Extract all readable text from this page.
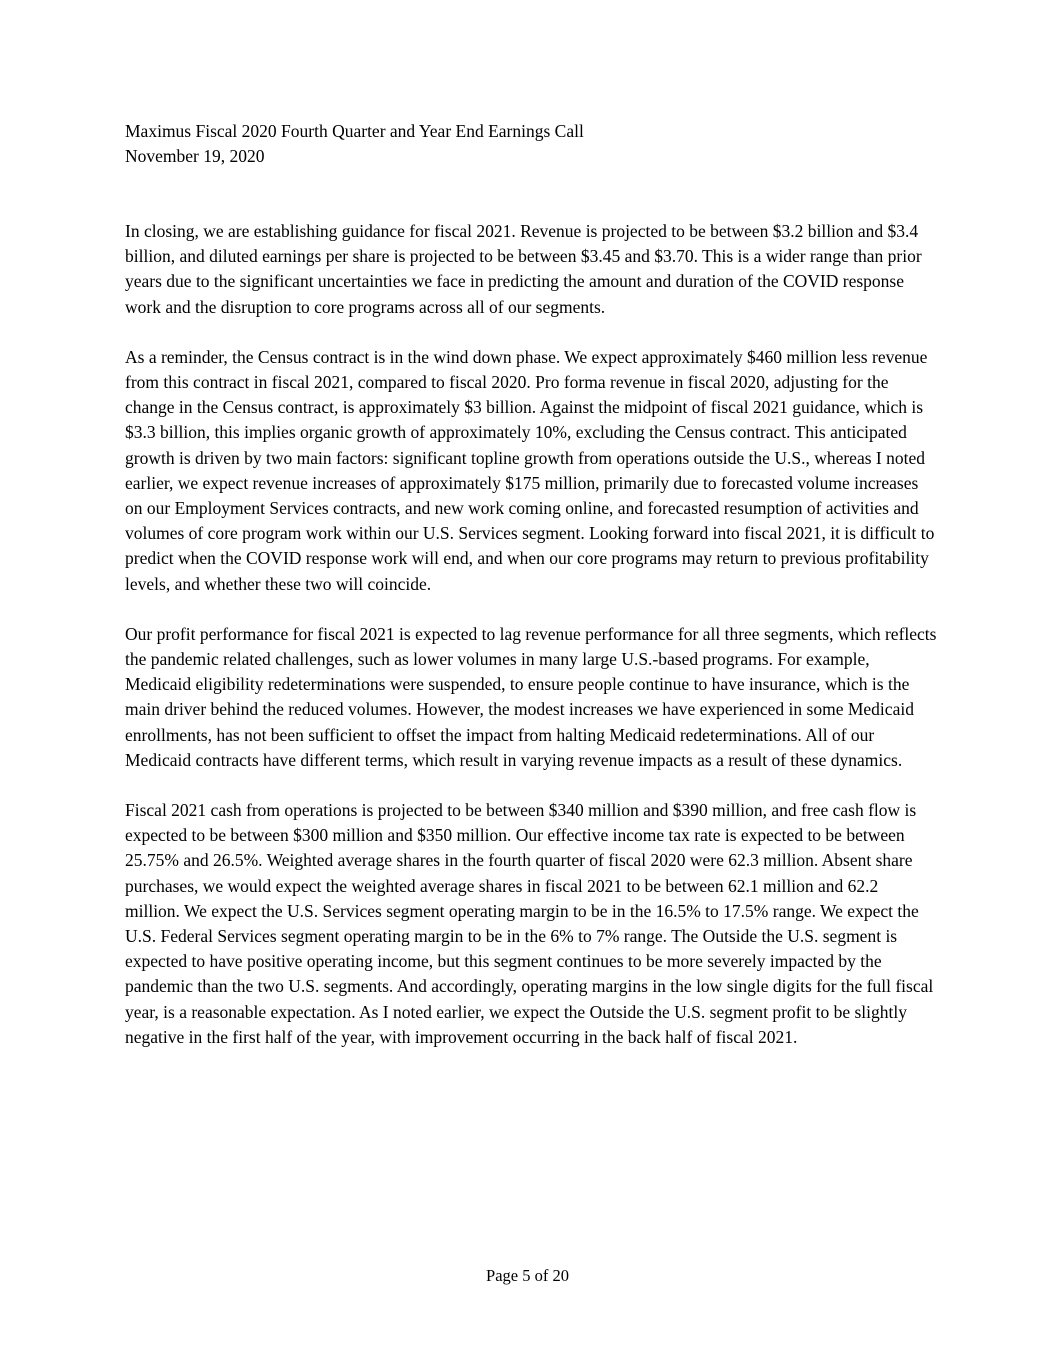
Maximus Fiscal 2020 Fourth Quarter and Year End Earnings Call
November 19, 2020

In closing, we are establishing guidance for fiscal 2021. Revenue is projected to be between $3.2 billion and $3.4 billion, and diluted earnings per share is projected to be between $3.45 and $3.70. This is a wider range than prior years due to the significant uncertainties we face in predicting the amount and duration of the COVID response work and the disruption to core programs across all of our segments.

As a reminder, the Census contract is in the wind down phase. We expect approximately $460 million less revenue from this contract in fiscal 2021, compared to fiscal 2020. Pro forma revenue in fiscal 2020, adjusting for the change in the Census contract, is approximately $3 billion. Against the midpoint of fiscal 2021 guidance, which is $3.3 billion, this implies organic growth of approximately 10%, excluding the Census contract. This anticipated growth is driven by two main factors: significant topline growth from operations outside the U.S., whereas I noted earlier, we expect revenue increases of approximately $175 million, primarily due to forecasted volume increases on our Employment Services contracts, and new work coming online, and forecasted resumption of activities and volumes of core program work within our U.S. Services segment. Looking forward into fiscal 2021, it is difficult to predict when the COVID response work will end, and when our core programs may return to previous profitability levels, and whether these two will coincide.

Our profit performance for fiscal 2021 is expected to lag revenue performance for all three segments, which reflects the pandemic related challenges, such as lower volumes in many large U.S.-based programs. For example, Medicaid eligibility redeterminations were suspended, to ensure people continue to have insurance, which is the main driver behind the reduced volumes. However, the modest increases we have experienced in some Medicaid enrollments, has not been sufficient to offset the impact from halting Medicaid redeterminations. All of our Medicaid contracts have different terms, which result in varying revenue impacts as a result of these dynamics.

Fiscal 2021 cash from operations is projected to be between $340 million and $390 million, and free cash flow is expected to be between $300 million and $350 million. Our effective income tax rate is expected to be between 25.75% and 26.5%. Weighted average shares in the fourth quarter of fiscal 2020 were 62.3 million. Absent share purchases, we would expect the weighted average shares in fiscal 2021 to be between 62.1 million and 62.2 million. We expect the U.S. Services segment operating margin to be in the 16.5% to 17.5% range. We expect the U.S. Federal Services segment operating margin to be in the 6% to 7% range. The Outside the U.S. segment is expected to have positive operating income, but this segment continues to be more severely impacted by the pandemic than the two U.S. segments. And accordingly, operating margins in the low single digits for the full fiscal year, is a reasonable expectation. As I noted earlier, we expect the Outside the U.S. segment profit to be slightly negative in the first half of the year, with improvement occurring in the back half of fiscal 2021.

Page 5 of 20
